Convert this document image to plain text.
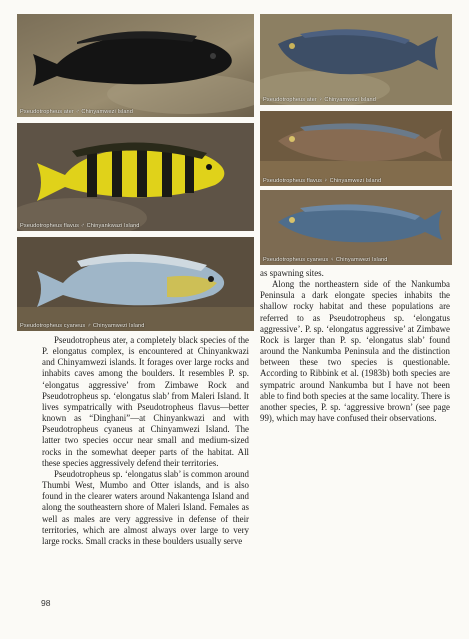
Pseudotropheus ater ♂ Chinyamwezi Island
Pseudotropheus ater ♀ Chinyamwezi Island
Pseudotropheus flavus ♀ Chinyamwezi Island
Pseudotropheus flavus ♂ Chinyankwazi Island
Pseudotropheus cyaneus ♀ Chinyamwezi Island
Pseudotropheus cyaneus ♂ Chinyamwezi Island

Pseudotropheus ater, a completely black species of the P. elongatus complex, is encountered at Chinyankwazi and Chinyamwezi islands. It forages over large rocks and inhabits caves among the boulders. It resembles P. sp. ‘elongatus aggressive’ from Zimbawe Rock and Pseudotropheus sp. ‘elongatus slab’ from Maleri Island. It lives sympatrically with Pseudotropheus flavus—better known as “Dinghani”—at Chinyankwazi and with Pseudotropheus cyaneus at Chinyamwezi Island. The latter two species occur near small and medium-sized rocks in the somewhat deeper parts of the habitat. All these species aggressively defend their territories.

Pseudotropheus sp. ‘elongatus slab’ is common around Thumbi West, Mumbo and Otter islands, and is also found in the clearer waters around Nakantenga Island and along the southeastern shore of Maleri Island. Females as well as males are very aggressive in defense of their territories, which are almost always over large to very large rocks. Small cracks in these boulders usually serve

as spawning sites.

Along the northeastern side of the Nankumba Peninsula a dark elongate species inhabits the shallow rocky habitat and these populations are referred to as Pseudotropheus sp. ‘elongatus aggressive’. P. sp. ‘elongatus aggressive’ at Zimbawe Rock is larger than P. sp. ‘elongatus slab’ found around the Nankumba Peninsula and the distinction between these two species is questionable. According to Ribbink et al. (1983b) both species are sympatric around Nankumba but I have not been able to find both species at the same locality. There is another species, P. sp. ‘aggressive brown’ (see page 99), which may have confused their observations.

98
